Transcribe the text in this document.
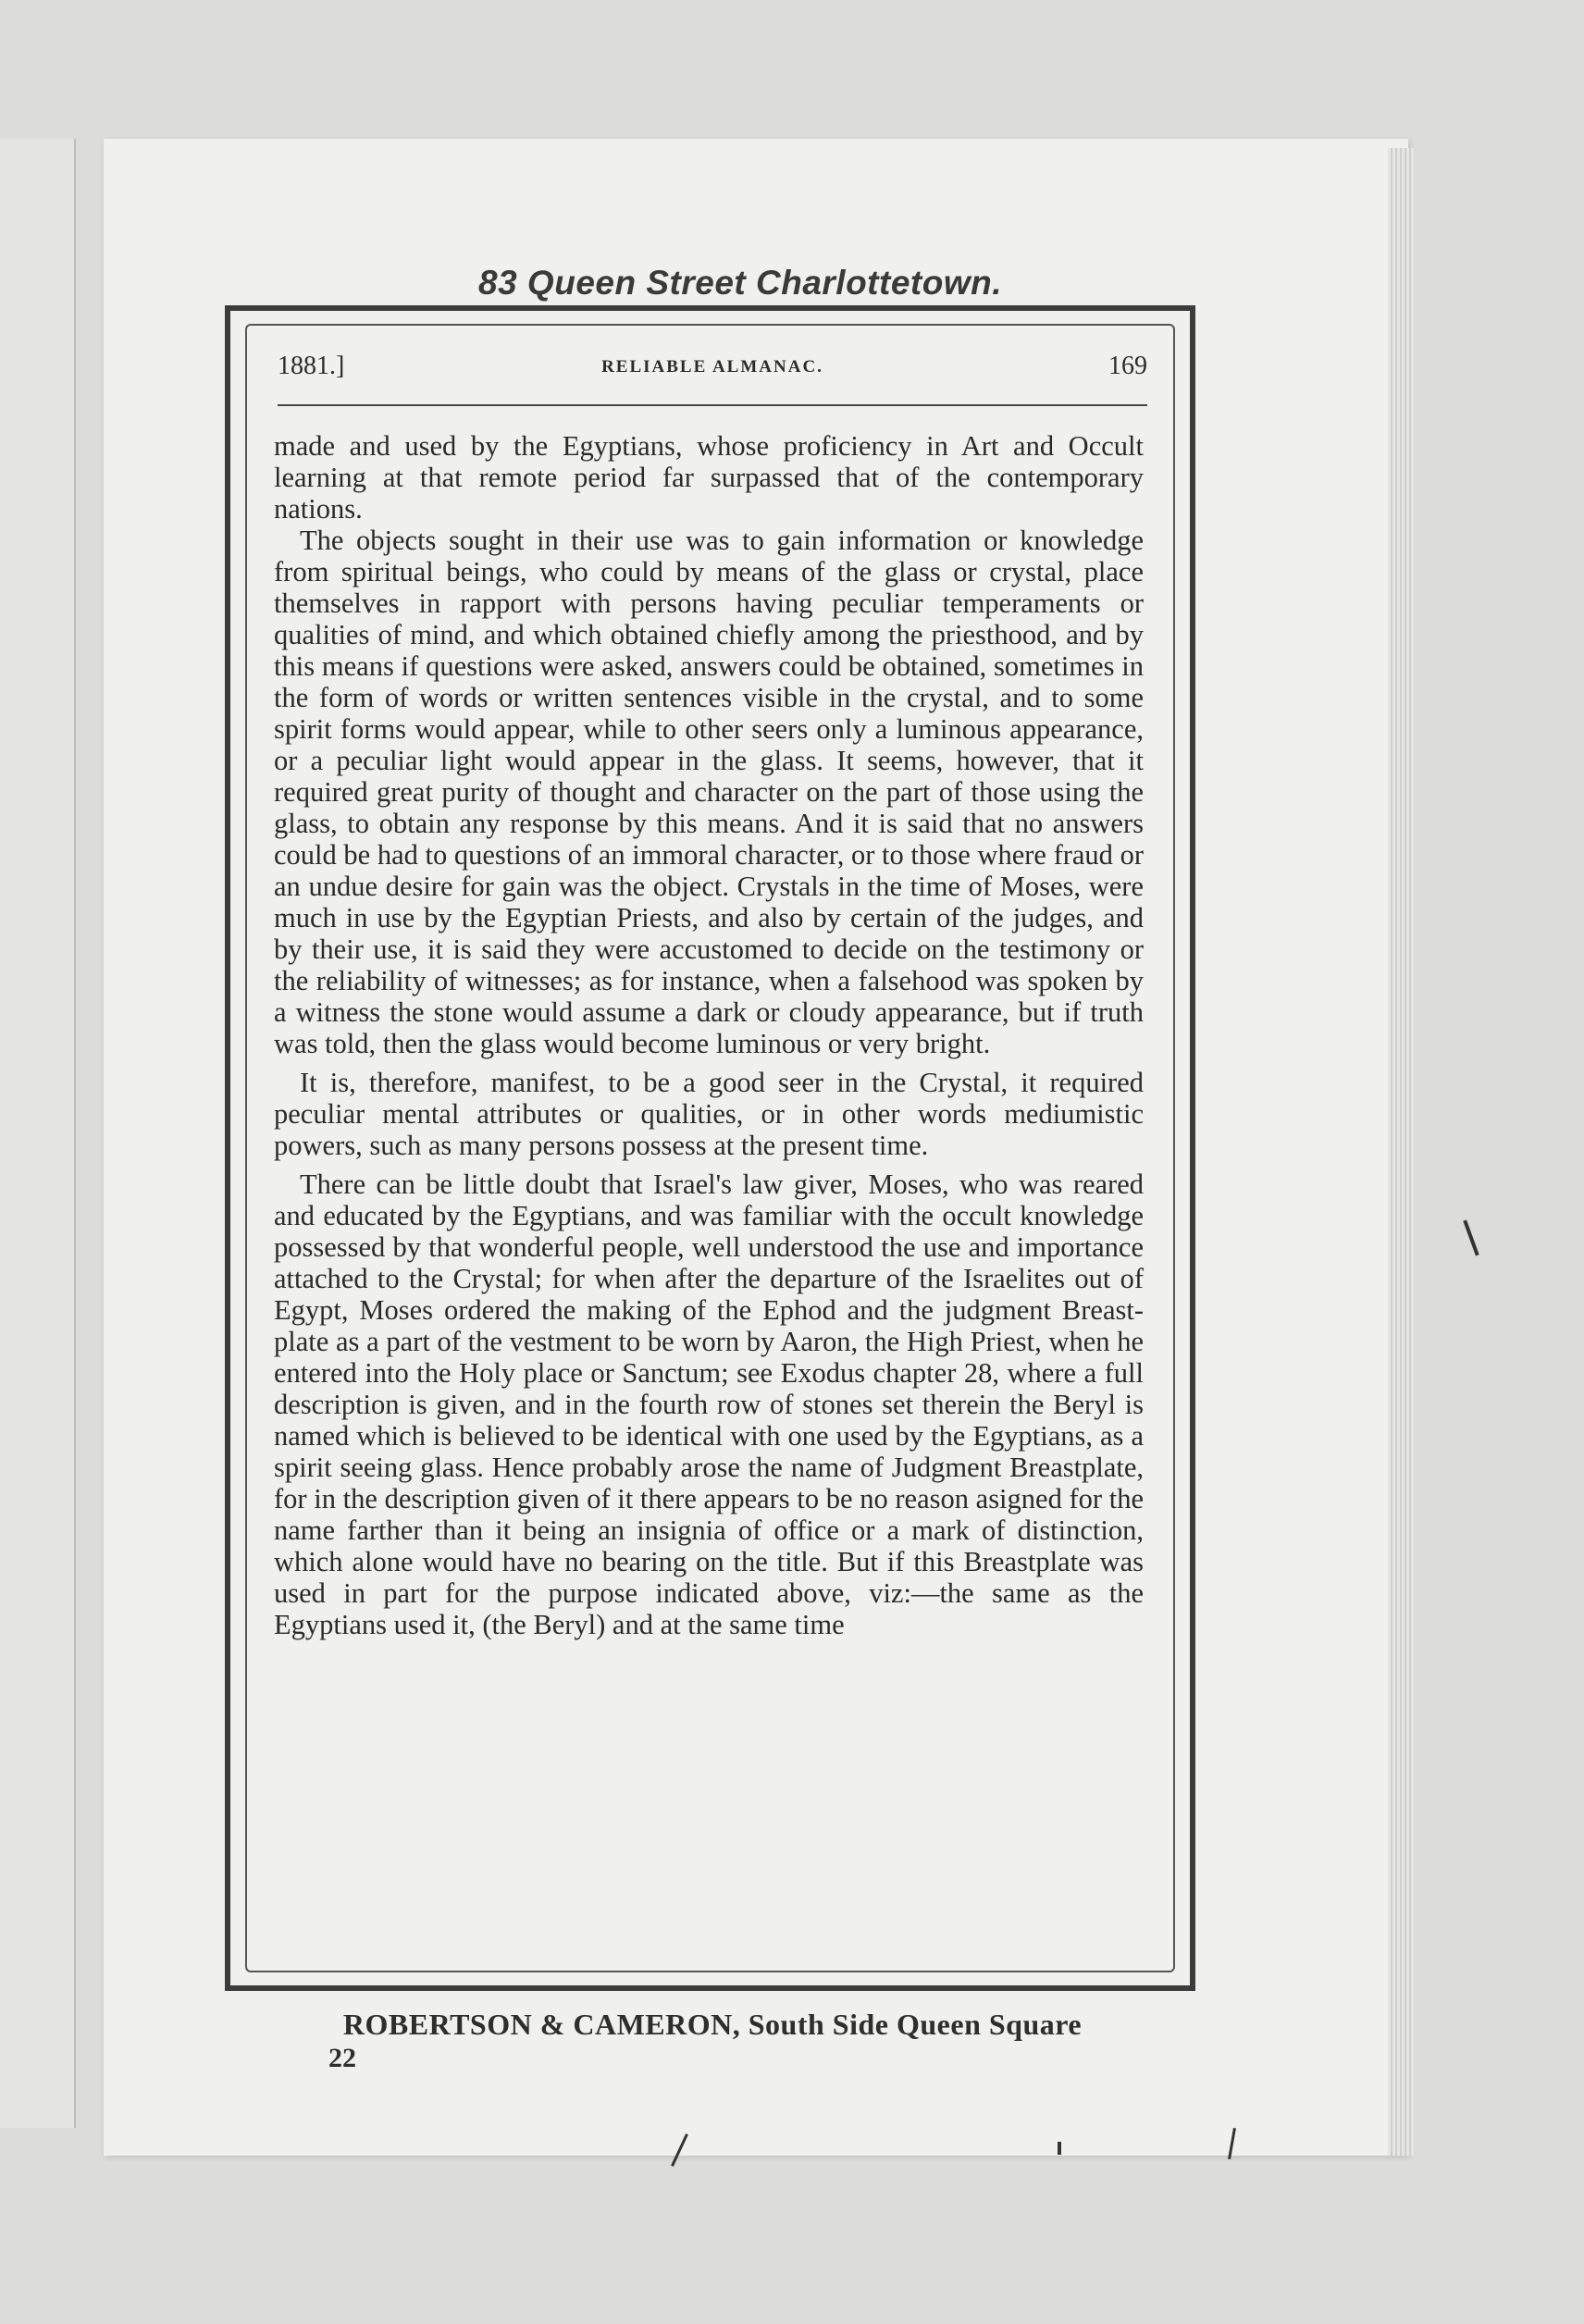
83 Queen Street Charlottetown.
1881.]	RELIABLE ALMANAC.	169

made and used by the Egyptians, whose proficiency in Art and Occult learning at that remote period far surpassed that of the contemporary nations.

The objects sought in their use was to gain information or knowledge from spiritual beings, who could by means of the glass or crystal, place themselves in rapport with persons having peculiar temperaments or qualities of mind, and which obtained chiefly among the priesthood, and by this means if questions were asked, answers could be obtained, sometimes in the form of words or written sentences visible in the crystal, and to some spirit forms would appear, while to other seers only a luminous appearance, or a peculiar light would appear in the glass. It seems, however, that it required great purity of thought and character on the part of those using the glass, to obtain any response by this means. And it is said that no answers could be had to questions of an immoral character, or to those where fraud or an undue desire for gain was the object. Crystals in the time of Moses, were much in use by the Egyptian Priests, and also by certain of the judges, and by their use, it is said they were accustomed to decide on the testimony or the reliability of witnesses; as for instance, when a falsehood was spoken by a witness the stone would assume a dark or cloudy appearance, but if truth was told, then the glass would become luminous or very bright.

It is, therefore, manifest, to be a good seer in the Crystal, it required peculiar mental attributes or qualities, or in other words mediumistic powers, such as many persons possess at the present time.

There can be little doubt that Israel's law giver, Moses, who was reared and educated by the Egyptians, and was familiar with the occult knowledge possessed by that wonderful people, well understood the use and importance attached to the Crystal; for when after the departure of the Israelites out of Egypt, Moses ordered the making of the Ephod and the judgment Breast-plate as a part of the vestment to be worn by Aaron, the High Priest, when he entered into the Holy place or Sanctum; see Exodus chapter 28, where a full description is given, and in the fourth row of stones set therein the Beryl is named which is believed to be identical with one used by the Egyptians, as a spirit seeing glass. Hence probably arose the name of Judgment Breastplate, for in the description given of it there appears to be no reason asigned for the name farther than it being an insignia of office or a mark of distinction, which alone would have no bearing on the title. But if this Breastplate was used in part for the purpose indicated above, viz:—the same as the Egyptians used it, (the Beryl) and at the same time

ROBERTSON & CAMERON, South Side Queen Square
22
